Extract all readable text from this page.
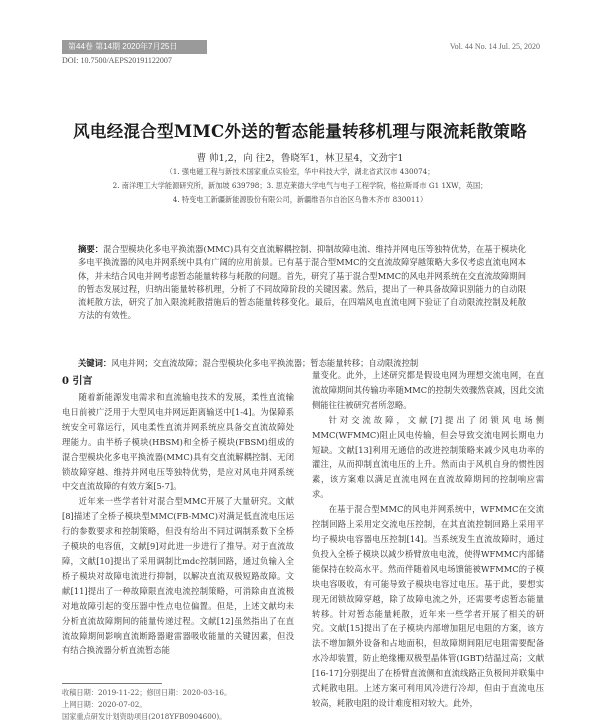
第44卷 第14期 2020年7月25日	Vol. 44 No. 14 Jul. 25, 2020
DOI: 10.7500/AEPS20191122007
风电经混合型MMC外送的暂态能量转移机理与限流耗散策略
曹 帅1,2，向 往2，鲁晓军1，林卫星4，文劲宇1
（1. 强电磁工程与新技术国家重点实验室，华中科技大学，湖北省武汉市 430074；
2. 南洋理工大学能源研究所，新加坡 639798；3. 思克莱德大学电气与电子工程学院，格拉斯哥市 G1 1XW，英国；
4. 特变电工新疆新能源股份有限公司，新疆维吾尔自治区乌鲁木齐市 830011）
摘要：混合型模块化多电平换流器(MMC)具有交直流解耦控制、抑制故障电流、维持并网电压等独特优势，在基于模块化多电平换流器的风电并网系统中具有广阔的应用前景。已有基于混合型MMC的交直流故障穿越策略大多仅考虑直流电网本体，并未结合风电并网考虑暂态能量转移与耗散的问题。首先，研究了基于混合型MMC的风电并网系统在交直流故障期间的暂态发展过程，归纳出能量转移机理，分析了不同故障阶段的关键因素。然后，提出了一种具备故障识别能力的自动限流耗散方法，研究了加入限流耗散措施后的暂态能量转移变化。最后，在四端风电直流电网下验证了自动限流控制及耗散方法的有效性。
关键词：风电并网；交直流故障；混合型模块化多电平换流器；暂态能量转移；自动限流控制
0 引言

随着新能源发电需求和直流输电技术的发展，柔性直流输电日前被广泛用于大型风电并网远距离输送中[1-4]。为保障系统安全可靠运行，风电柔性直流并网系统应具备交直流故障处理能力。由半桥子模块(HBSM)和全桥子模块(FBSM)组成的混合型模块化多电平换流器(MMC)具有交直流解耦控制、无闭锁故障穿越、维持并网电压等独特优势，是应对风电并网系统中交直流故障的有效方案[5-7]。

近年来一些学者针对混合型MMC开展了大量研究。文献[8]描述了全桥子模块型MMC(FB-MMC)对满足低直流电压运行的参数要求和控制策略，但没有给出不同过调制系数下全桥子模块的电容值，文献[9]对此进一步进行了推导。对于直流故障，文献[10]提出了采用调制比mdc控制回路，通过负输入全桥子模块对故障电流进行抑制，以解决直流双极短路故障。文献[11]提出了一种故障限直流电流控制策略，可消除由直流极对地故障引起的变压器中性点电位偏置。但是，上述文献均未分析直流故障期间的能量传递过程。文献[12]虽然指出了在直流故障期间影响直流断路器避雷器吸收能量的关键因素，但没有结合换流器分析直流暂态能

量变化。此外，上述研究都是假设电网为理想交流电网，在直流故障期间其传输功率随MMC的控制失效骤然衰减，因此交流侧能往往被研究者所忽略。

针对交流故障，文献[7]提出了闭锁风电场侧MMC(WFMMC)阻止风电传输，但会导致交流电网长期电力短缺。文献[13]利用无通信的改进控制策略来减少风电功率的灌注，从而抑制直流电压的上升。然而由于风机自身的惯性因素，该方案难以满足直流电网在直流故障期间的控制响应需求。

在基于混合型MMC的风电并网系统中，WFMMC在交流控制回路上采用定交流电压控制，在其直流控制回路上采用平均子模块电容器电压控制[14]。当系统发生直流故障时，通过负投入全桥子模块以减少桥臂放电电流，使得WFMMC内部储能保持在较高水平。然而伴随着风电场馈能被WFMMC的子模块电容吸收，有可能导致子模块电容过电压。基于此，要想实现无闭锁故障穿越，除了故障电流之外，还需要考虑暂态能量转移。针对暂态能量耗散，近年来一些学者开展了相关的研究。文献[15]提出了在子模块内部增加阻尼电阻的方案，该方法不增加额外设备和占地面积，但故障期间阻尼电阻需要配备水冷却装置，防止绝缘栅双极型晶体管(IGBT)结温过高；文献[16-17]分别提出了在桥臂直流侧和直流线路正负极间并联集中式耗散电阻。上述方案可利用风冷进行冷却，但由于直流电压较高，耗散电阻的设计难度相对较大。此外，

收稿日期：2019-11-22；修回日期：2020-03-16。
上网日期：2020-07-02。
国家重点研发计划资助项目(2018YFB0904600)。
